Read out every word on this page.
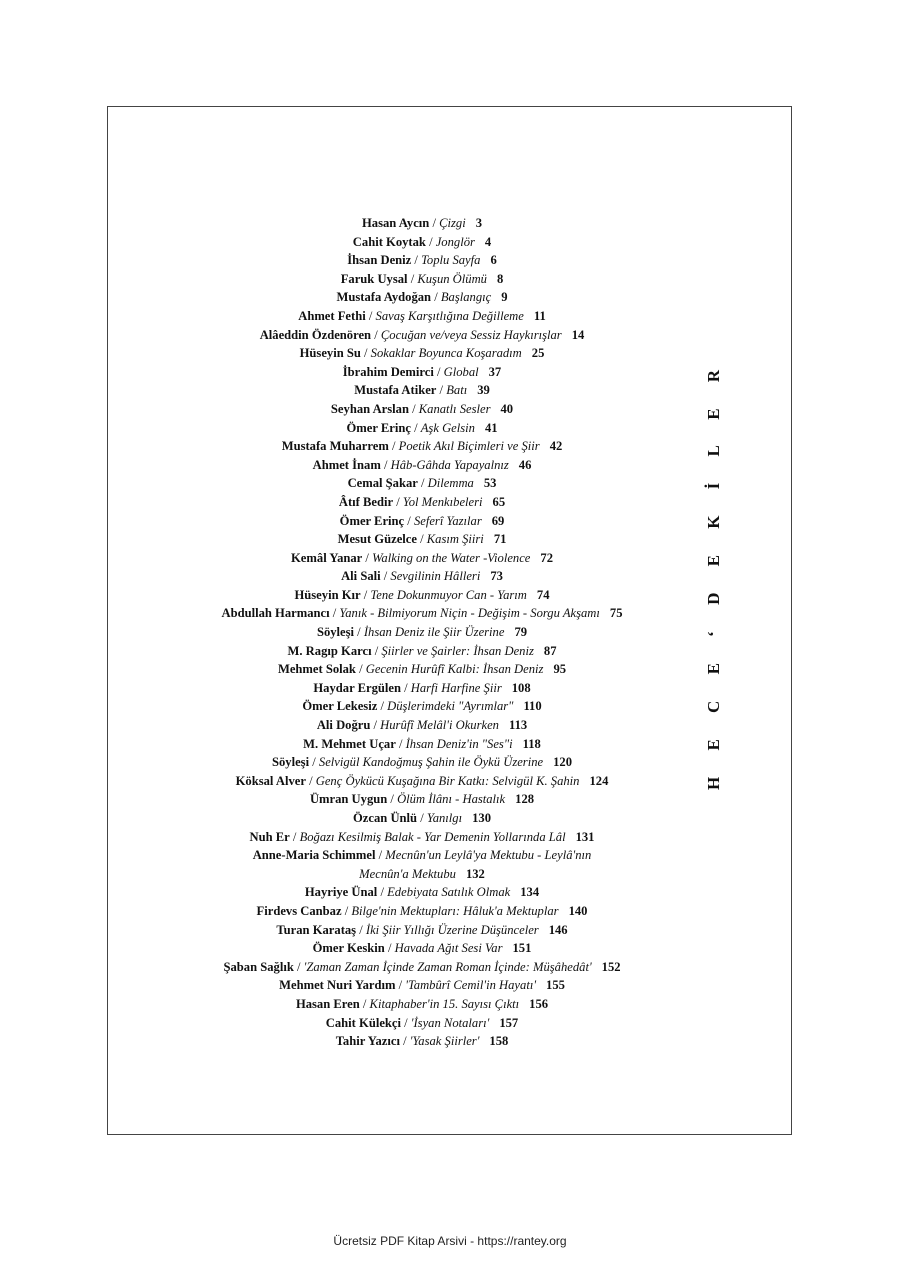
Hasan Aycın / Çizgi 3
Cahit Koytak / Jonglör 4
İhsan Deniz / Toplu Sayfa 6
Faruk Uysal / Kuşun Ölümü 8
Mustafa Aydoğan / Başlangıç 9
Ahmet Fethi / Savaş Karşıtlığına Değilleme 11
Alâeddin Özdenören / Çocuğan ve/veya Sessiz Haykırışlar 14
Hüseyin Su / Sokaklar Boyunca Koşaradım 25
İbrahim Demirci / Global 37
Mustafa Atiker / Batı 39
Seyhan Arslan / Kanatlı Sesler 40
Ömer Erinç / Aşk Gelsin 41
Mustafa Muharrem / Poetik Akıl Biçimleri ve Şiir 42
Ahmet İnam / Hâb-Gâhda Yapayalnız 46
Cemal Şakar / Dilemma 53
Âtıf Bedir / Yol Menkıbeleri 65
Ömer Erinç / Seferî Yazılar 69
Mesut Güzelce / Kasım Şiiri 71
Kemâl Yanar / Walking on the Water -Violence 72
Ali Sali / Sevgilinin Hâlleri 73
Hüseyin Kır / Tene Dokunmuyor Can - Yarım 74
Abdullah Harmancı / Yanık - Bilmiyorum Niçin - Değişim - Sorgu Akşamı 75
Söyleşi / İhsan Deniz ile Şiir Üzerine 79
M. Ragıp Karcı / Şiirler ve Şairler: İhsan Deniz 87
Mehmet Solak / Gecenin Hurûfî Kalbi: İhsan Deniz 95
Haydar Ergülen / Harfi Harfine Şiir 108
Ömer Lekesiz / Düşlerimdeki "Ayrımlar" 110
Ali Doğru / Hurûfî Melâl'i Okurken 113
M. Mehmet Uçar / İhsan Deniz'in "Ses"i 118
Söyleşi / Selvigül Kandoğmuş Şahin ile Öykü Üzerine 120
Köksal Alver / Genç Öykücü Kuşağına Bir Katkı: Selvigül K. Şahin 124
Ümran Uygun / Ölüm İlânı - Hastalık 128
Özcan Ünlü / Yanılgı 130
Nuh Er / Boğazı Kesilmiş Balak - Yar Demenin Yollarında Lâl 131
Anne-Maria Schimmel / Mecnûn'un Leylâ'ya Mektubu - Leylâ'nın Mecnûn'a Mektubu 132
Hayriye Ünal / Edebiyata Satılık Olmak 134
Firdevs Canbaz / Bilge'nin Mektupları: Hâluk'a Mektuplar 140
Turan Karataş / İki Şiir Yıllığı Üzerine Düşünceler 146
Ömer Keskin / Havada Ağıt Sesi Var 151
Şaban Sağlık / 'Zaman Zaman İçinde Zaman Roman İçinde: Müşâhedât' 152
Mehmet Nuri Yardım / 'Tambûrî Cemil'in Hayatı' 155
Hasan Eren / Kitaphaber'in 15. Sayısı Çıktı 156
Cahit Külekçi / 'İsyan Notaları' 157
Tahir Yazıcı / 'Yasak Şiirler' 158
H E C E ‘ D E K İ L E R
Ücretsiz PDF Kitap Arsivi - https://rantey.org
